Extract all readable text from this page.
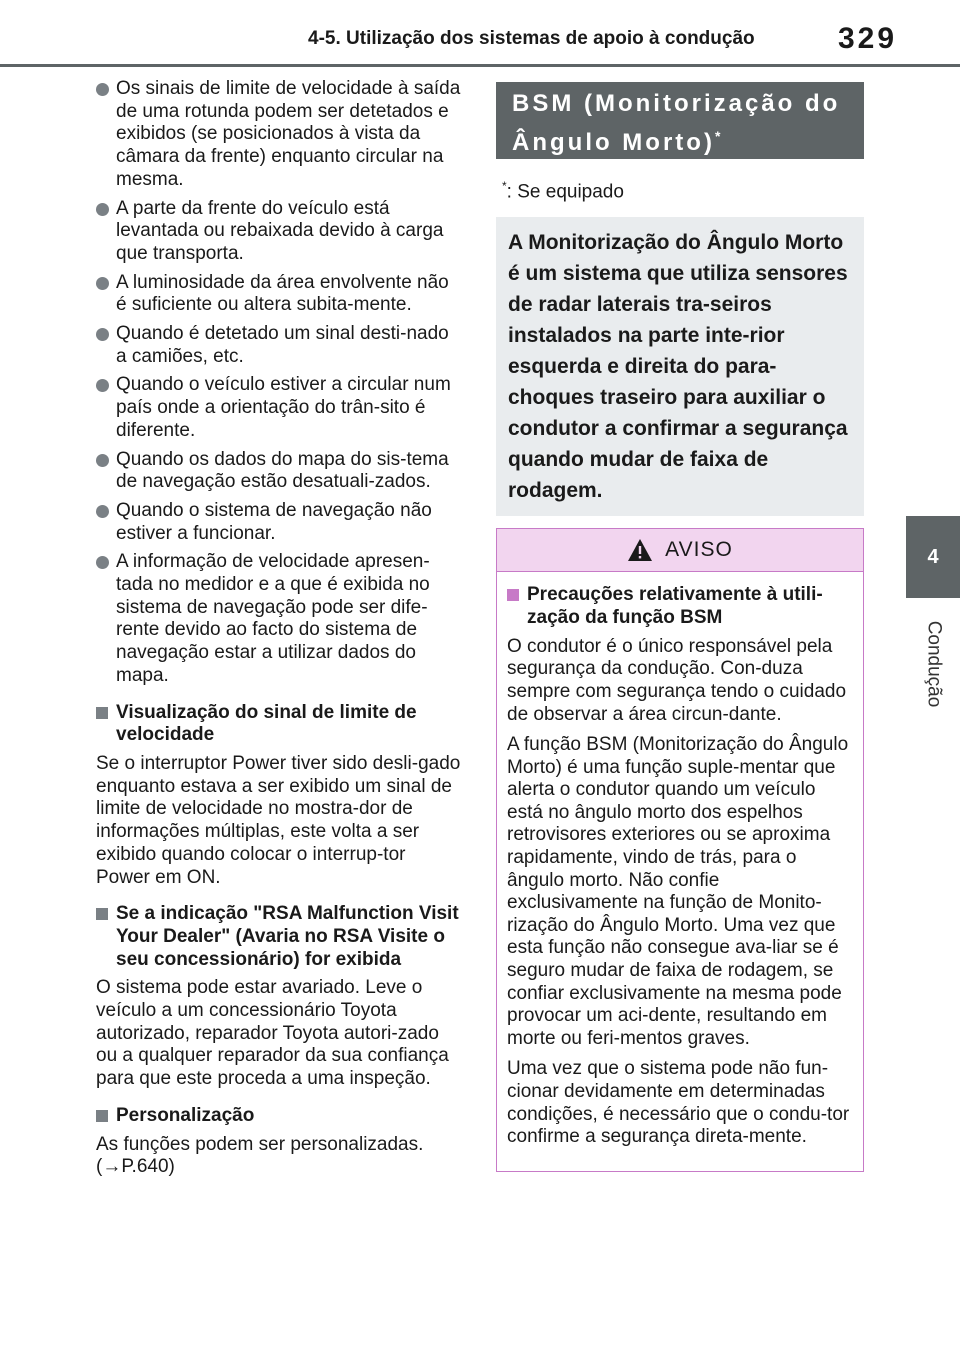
4-5. Utilização dos sistemas de apoio à condução	329
4
Condução
Os sinais de limite de velocidade à saída de uma rotunda podem ser detetados e exibidos (se posicionados à vista da câmara da frente) enquanto circular na mesma.
A parte da frente do veículo está levantada ou rebaixada devido à carga que transporta.
A luminosidade da área envolvente não é suficiente ou altera subita-mente.
Quando é detetado um sinal desti-nado a camiões, etc.
Quando o veículo estiver a circular num país onde a orientação do trân-sito é diferente.
Quando os dados do mapa do sis-tema de navegação estão desatuali-zados.
Quando o sistema de navegação não estiver a funcionar.
A informação de velocidade apresen-tada no medidor e a que é exibida no sistema de navegação pode ser dife-rente devido ao facto do sistema de navegação estar a utilizar dados do mapa.
Visualização do sinal de limite de velocidade

Se o interruptor Power tiver sido desli-gado enquanto estava a ser exibido um sinal de limite de velocidade no mostra-dor de informações múltiplas, este volta a ser exibido quando colocar o interrup-tor Power em ON.

Se a indicação "RSA Malfunction Visit Your Dealer" (Avaria no RSA Visite o seu concessionário) for exibida

O sistema pode estar avariado. Leve o veículo a um concessionário Toyota autorizado, reparador Toyota autori-zado ou a qualquer reparador da sua confiança para que este proceda a uma inspeção.

Personalização

As funções podem ser personalizadas. (→P.640)

BSM (Monitorização do Ângulo Morto)*
*: Se equipado
A Monitorização do Ângulo Morto é um sistema que utiliza sensores de radar laterais tra-seiros instalados na parte inte-rior esquerda e direita do para-choques traseiro para auxiliar o condutor a confirmar a segurança quando mudar de faixa de rodagem.
AVISO
Precauções relativamente à utili-zação da função BSM

O condutor é o único responsável pela segurança da condução. Con-duza sempre com segurança tendo o cuidado de observar a área circun-dante.

A função BSM (Monitorização do Ângulo Morto) é uma função suple-mentar que alerta o condutor quando um veículo está no ângulo morto dos espelhos retrovisores exteriores ou se aproxima rapidamente, vindo de trás, para o ângulo morto. Não confie exclusivamente na função de Monito-rização do Ângulo Morto. Uma vez que esta função não consegue ava-liar se é seguro mudar de faixa de rodagem, se confiar exclusivamente na mesma pode provocar um aci-dente, resultando em morte ou feri-mentos graves.

Uma vez que o sistema pode não fun-cionar devidamente em determinadas condições, é necessário que o condu-tor confirme a segurança direta-mente.
